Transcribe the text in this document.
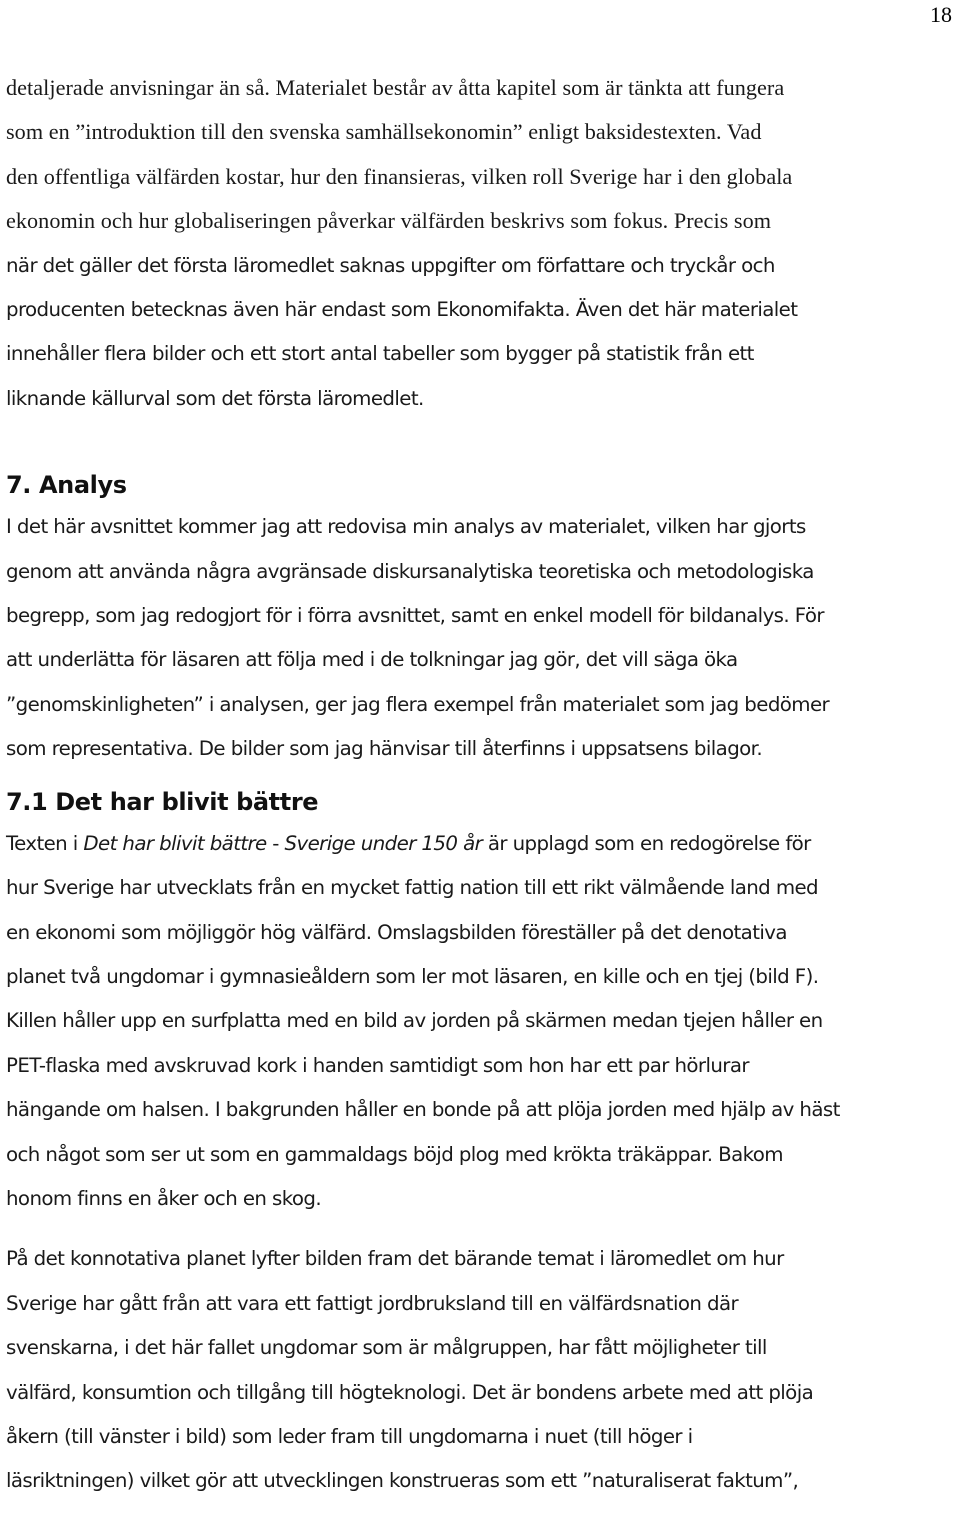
18
detaljerade anvisningar än så. Materialet består av åtta kapitel som är tänkta att fungera
som en ”introduktion till den svenska samhällsekonomin” enligt baksidestexten. Vad
den offentliga välfärden kostar, hur den finansieras, vilken roll Sverige har i den globala
ekonomin och hur globaliseringen påverkar välfärden beskrivs som fokus. Precis som
när det gäller det första läromedlet saknas uppgifter om författare och tryckår och
producenten betecknas även här endast som Ekonomifakta. Även det här materialet
innehåller flera bilder och ett stort antal tabeller som bygger på statistik från ett
liknande källurval som det första läromedlet.
7. Analys
I det här avsnittet kommer jag att redovisa min analys av materialet, vilken har gjorts
genom att använda några avgränsade diskursanalytiska teoretiska och metodologiska
begrepp, som jag redogjort för i förra avsnittet, samt en enkel modell för bildanalys. För
att underlätta för läsaren att följa med i de tolkningar jag gör, det vill säga öka
”genomskinligheten” i analysen, ger jag flera exempel från materialet som jag bedömer
som representativa. De bilder som jag hänvisar till återfinns i uppsatsens bilagor.
7.1 Det har blivit bättre
Texten i Det har blivit bättre - Sverige under 150 år är upplagd som en redogörelse för
hur Sverige har utvecklats från en mycket fattig nation till ett rikt välmående land med
en ekonomi som möjliggör hög välfärd. Omslagsbilden föreställer på det denotativa
planet två ungdomar i gymnasieåldern som ler mot läsaren, en kille och en tjej (bild F).
Killen håller upp en surfplatta med en bild av jorden på skärmen medan tjejen håller en
PET-flaska med avskruvad kork i handen samtidigt som hon har ett par hörlurar
hängande om halsen. I bakgrunden håller en bonde på att plöja jorden med hjälp av häst
och något som ser ut som en gammaldags böjd plog med krökta träkäppar. Bakom
honom finns en åker och en skog.
På det konnotativa planet lyfter bilden fram det bärande temat i läromedlet om hur
Sverige har gått från att vara ett fattigt jordbruksland till en välfärdsnation där
svenskarna, i det här fallet ungdomar som är målgruppen, har fått möjligheter till
välfärd, konsumtion och tillgång till högteknologi. Det är bondens arbete med att plöja
åkern (till vänster i bild) som leder fram till ungdomarna i nuet (till höger i
läsriktningen) vilket gör att utvecklingen konstrueras som ett ”naturaliserat faktum”,
